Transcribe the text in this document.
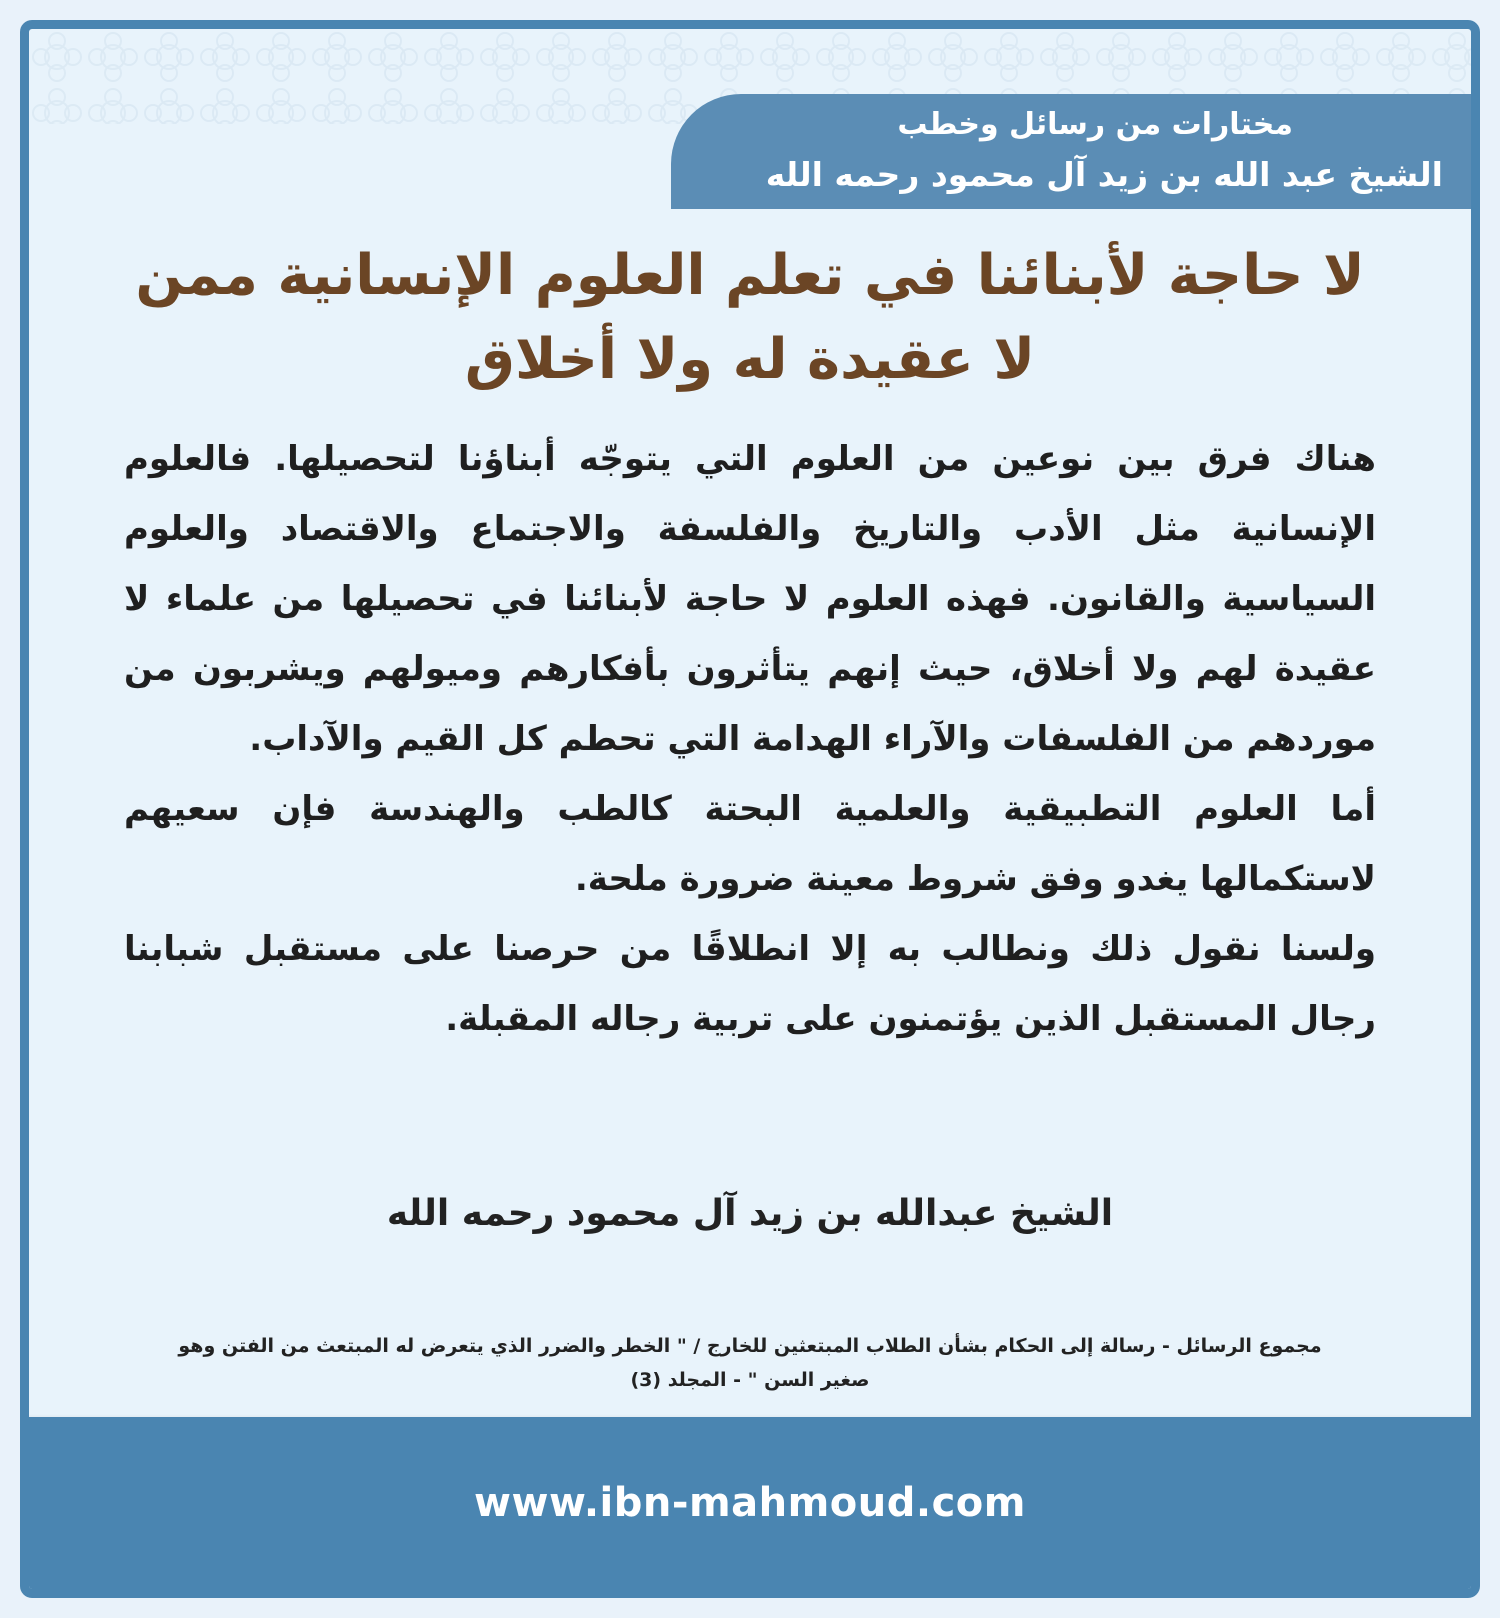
مختارات من رسائل وخطب
الشيخ عبد الله بن زيد آل محمود رحمه الله
لا حاجة لأبنائنا في تعلم العلوم الإنسانية ممن
لا عقيدة له ولا أخلاق

هناك فرق بين نوعين من العلوم التي يتوجّه أبناؤنا لتحصيلها. فالعلوم الإنسانية مثل الأدب والتاريخ والفلسفة والاجتماع والاقتصاد والعلوم السياسية والقانون. فهذه العلوم لا حاجة لأبنائنا في تحصيلها من علماء لا عقيدة لهم ولا أخلاق، حيث إنهم يتأثرون بأفكارهم وميولهم ويشربون من موردهم من الفلسفات والآراء الهدامة التي تحطم كل القيم والآداب.

أما العلوم التطبيقية والعلمية البحتة كالطب والهندسة فإن سعيهم لاستكمالها يغدو وفق شروط معينة ضرورة ملحة.

ولسنا نقول ذلك ونطالب به إلا انطلاقًا من حرصنا على مستقبل شبابنا رجال المستقبل الذين يؤتمنون على تربية رجاله المقبلة.

الشيخ عبدالله بن زيد آل محمود رحمه الله
مجموع الرسائل - رسالة إلى الحكام بشأن الطلاب المبتعثين للخارج / " الخطر والضرر الذي يتعرض له المبتعث من الفتن وهو
صغير السن " - المجلد (3)
www.ibn-mahmoud.com
